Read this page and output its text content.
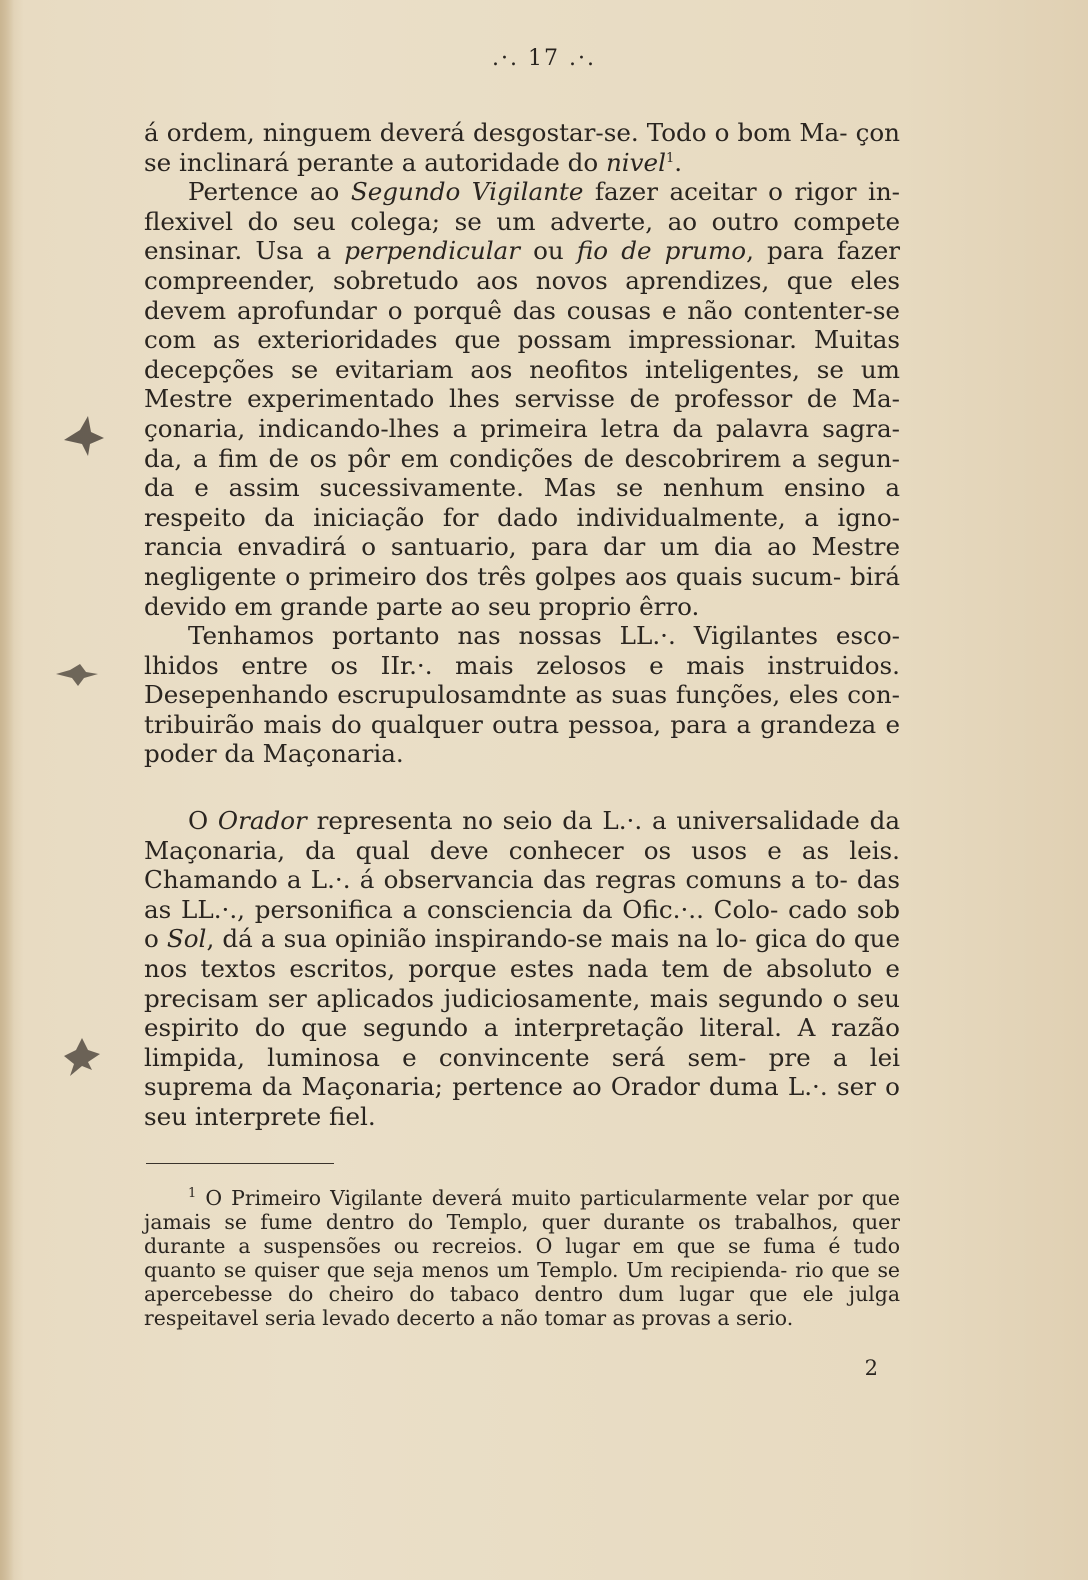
.·. 17 .·.

á ordem, ninguem deverá desgostar-se. Todo o bom Ma- çon se inclinará perante a autoridade do nivel$^1$.

Pertence ao Segundo Vigilante fazer aceitar o rigor in- flexivel do seu colega; se um adverte, ao outro compete ensinar. Usa a perpendicular ou fio de prumo, para fazer compreender, sobretudo aos novos aprendizes, que eles devem aprofundar o porquê das cousas e não contenter-se com as exterioridades que possam impressionar. Muitas decepções se evitariam aos neofitos inteligentes, se um Mestre experimentado lhes servisse de professor de Ma- çonaria, indicando-lhes a primeira letra da palavra sagra- da, a fim de os pôr em condições de descobrirem a segun- da e assim sucessivamente. Mas se nenhum ensino a respeito da iniciação for dado individualmente, a igno- rancia envadirá o santuario, para dar um dia ao Mestre negligente o primeiro dos três golpes aos quais sucum- birá devido em grande parte ao seu proprio êrro.

Tenhamos portanto nas nossas LL.·. Vigilantes esco- lhidos entre os IIr.·. mais zelosos e mais instruidos. Desepenhando escrupulosamdnte as suas funções, eles con- tribuirão mais do qualquer outra pessoa, para a grandeza e poder da Maçonaria.

O Orador representa no seio da L.·. a universalidade da Maçonaria, da qual deve conhecer os usos e as leis. Chamando a L.·. á observancia das regras comuns a to- das as LL.·., personifica a consciencia da Ofic.·.. Colo- cado sob o Sol, dá a sua opinião inspirando-se mais na lo- gica do que nos textos escritos, porque estes nada tem de absoluto e precisam ser aplicados judiciosamente, mais segundo o seu espirito do que segundo a interpretação literal. A razão limpida, luminosa e convincente será sem- pre a lei suprema da Maçonaria; pertence ao Orador duma L.·. ser o seu interprete fiel.

$^1$ O Primeiro Vigilante deverá muito particularmente velar por que jamais se fume dentro do Templo, quer durante os trabalhos, quer durante a suspensões ou recreios. O lugar em que se fuma é tudo quanto se quiser que seja menos um Templo. Um recipienda- rio que se apercebesse do cheiro do tabaco dentro dum lugar que ele julga respeitavel seria levado decerto a não tomar as provas a serio.

2
